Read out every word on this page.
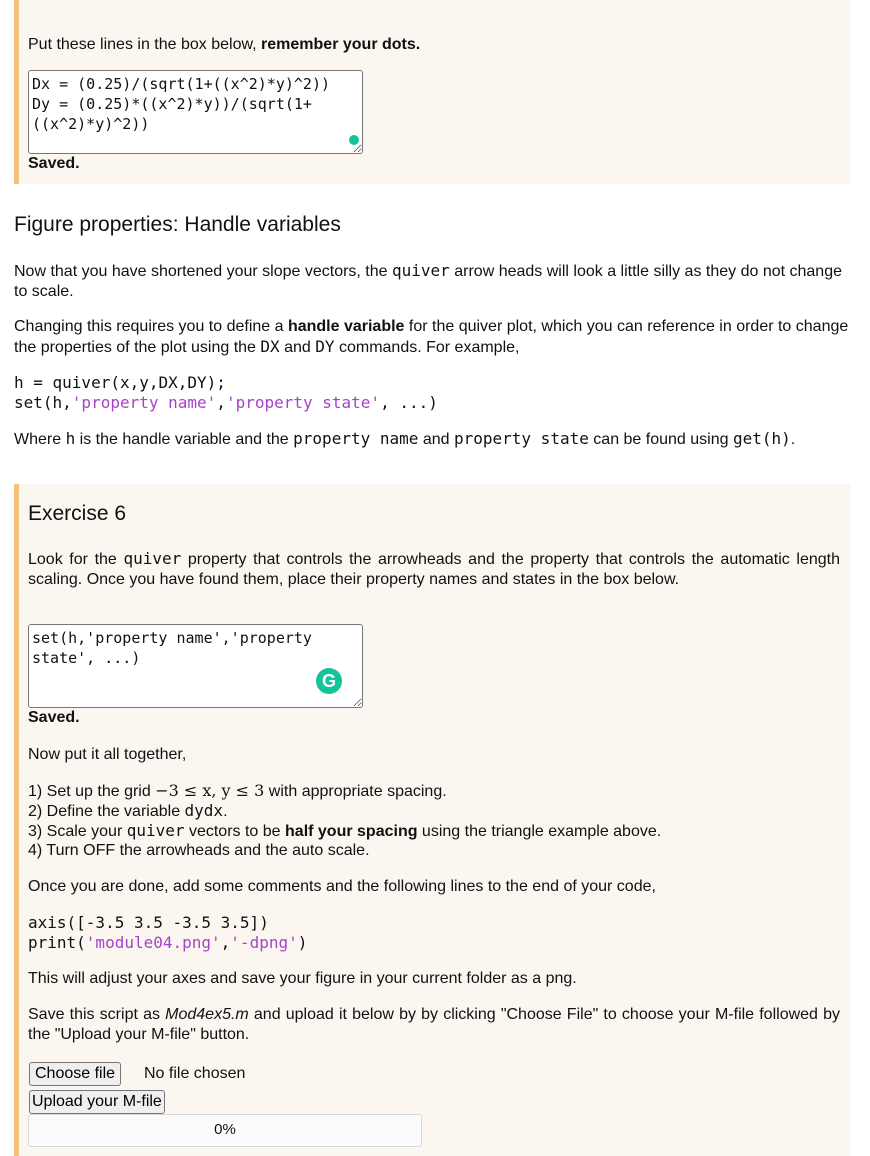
Put these lines in the box below, remember your dots.

Dx = (0.25)/(sqrt(1+((x^2)*y)^2)) Dy = (0.25)*((x^2)*y))/(sqrt(1+((x^2)*y)^2))
Saved.
Figure properties: Handle variables

Now that you have shortened your slope vectors, the quiver arrow heads will look a little silly as they do not change to scale.

Changing this requires you to define a handle variable for the quiver plot, which you can reference in order to change the properties of the plot using the DX and DY commands. For example,

h = quiver(x,y,DX,DY);
set(h,'property name','property state', ...)

Where h is the handle variable and the property name and property state can be found using get(h).

Exercise 6

Look for the quiver property that controls the arrowheads and the property that controls the automatic length scaling. Once you have found them, place their property names and states in the box below.

set(h,'property name','property state', ...)
G
Saved.

Now put it all together,

1) Set up the grid −3 ≤ x, y ≤ 3 with appropriate spacing.

2) Define the variable dydx.

3) Scale your quiver vectors to be half your spacing using the triangle example above.

4) Turn OFF the arrowheads and the auto scale.

Once you are done, add some comments and the following lines to the end of your code,

axis([-3.5 3.5 -3.5 3.5])
print('module04.png','-dpng')

This will adjust your axes and save your figure in your current folder as a png.

Save this script as Mod4ex5.m and upload it below by by clicking "Choose File" to choose your M-file followed by the "Upload your M-file" button.

Choose file	No file chosen
Upload your M-file
0%
